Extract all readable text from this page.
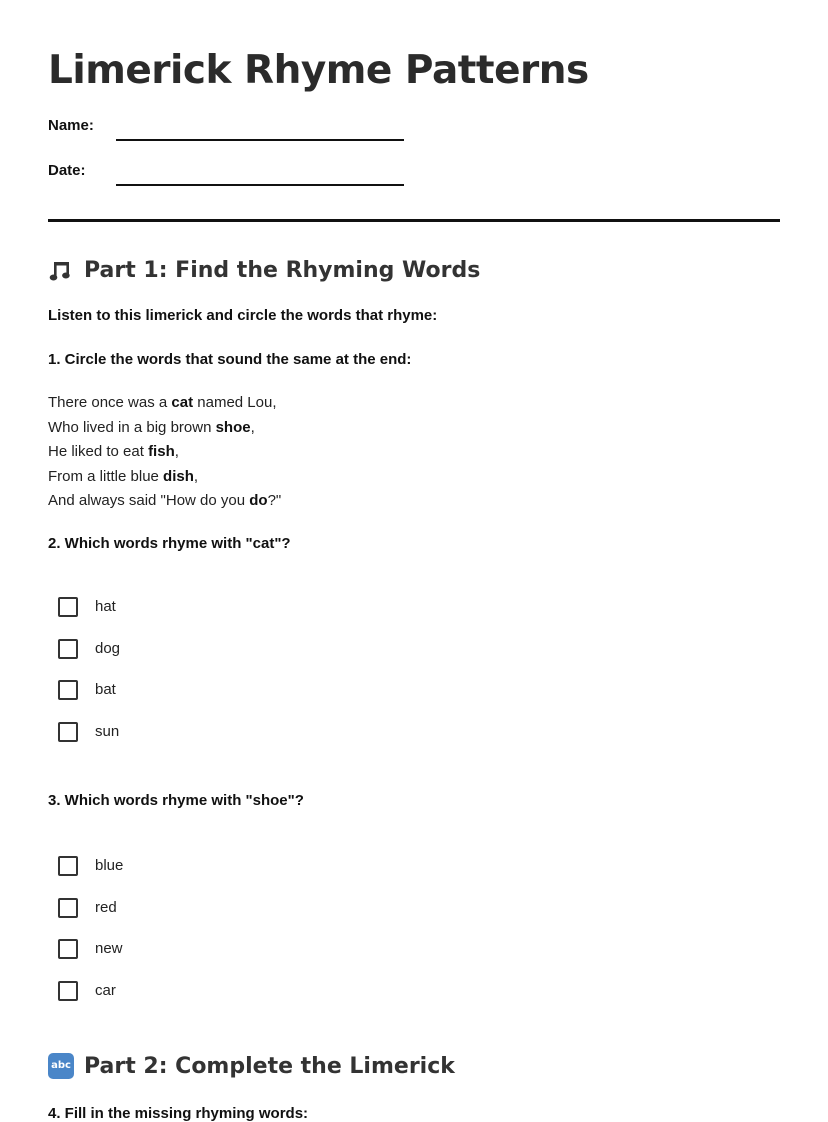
Limerick Rhyme Patterns
Name:
Date:
Part 1: Find the Rhyming Words

Listen to this limerick and circle the words that rhyme:

1. Circle the words that sound the same at the end:

There once was a cat named Lou,
Who lived in a big brown shoe,
He liked to eat fish,
From a little blue dish,
And always said "How do you do?"

2. Which words rhyme with "cat"?

hat
dog
bat
sun

3. Which words rhyme with "shoe"?

blue
red
new
car
abc Part 2: Complete the Limerick

4. Fill in the missing rhyming words:
